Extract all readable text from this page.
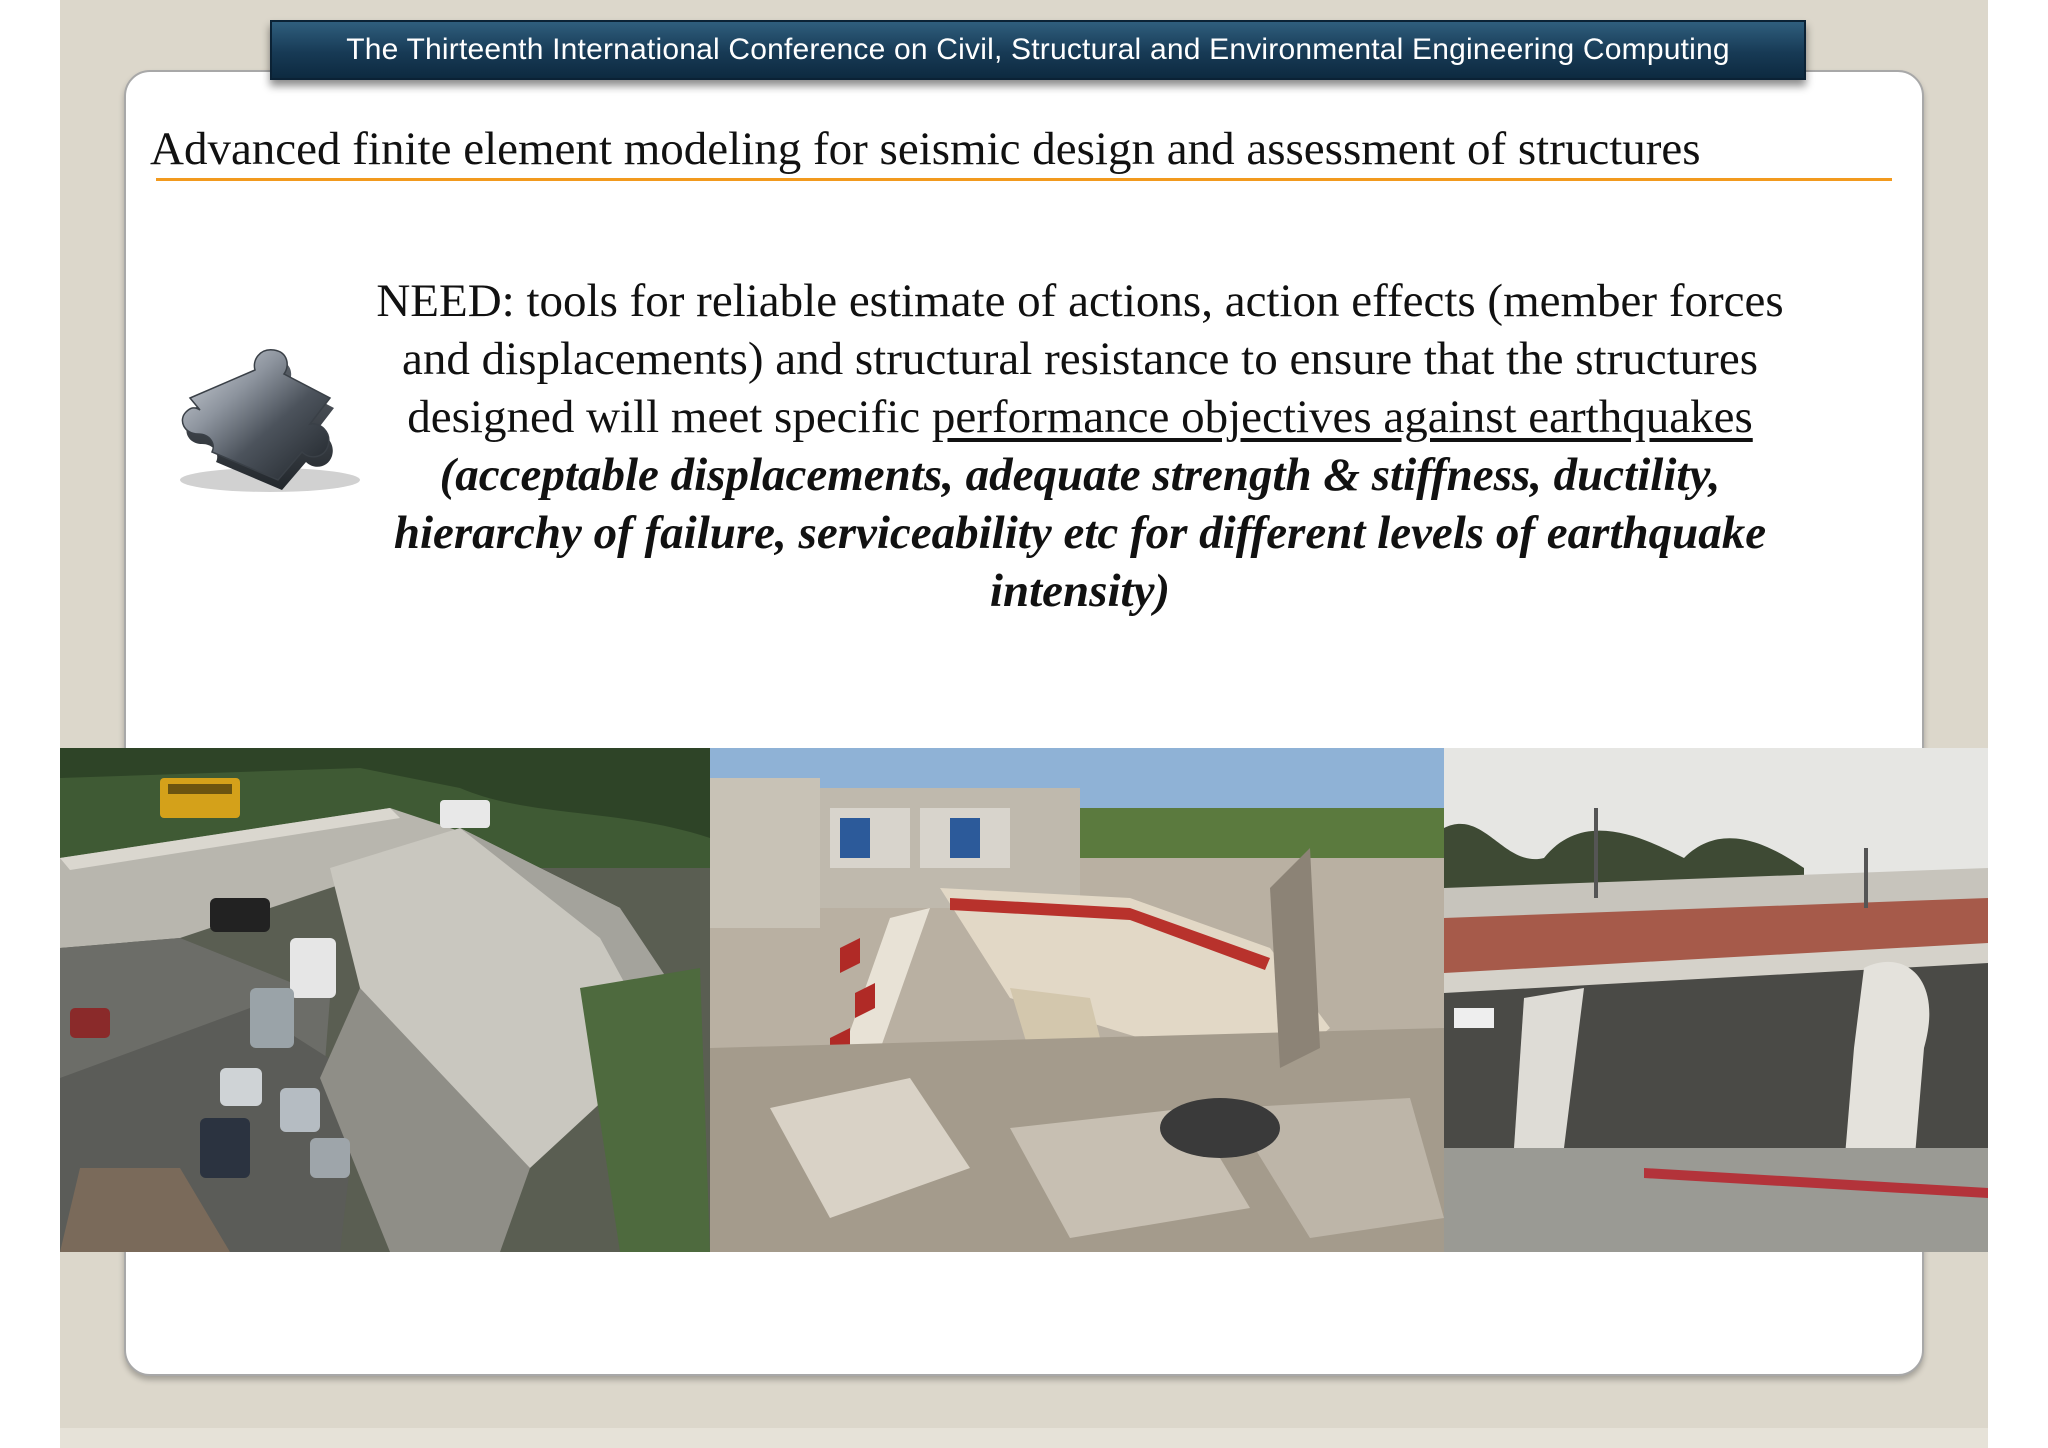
The Thirteenth International Conference on Civil, Structural and Environmental Engineering Computing
Advanced finite element modeling for seismic design and assessment of structures
NEED: tools for reliable estimate of actions, action effects (member forces and displacements) and structural resistance to ensure that the structures designed will meet specific performance objectives against earthquakes
(acceptable displacements, adequate strength & stiffness, ductility, hierarchy of failure, serviceability etc for different levels of earthquake intensity)
